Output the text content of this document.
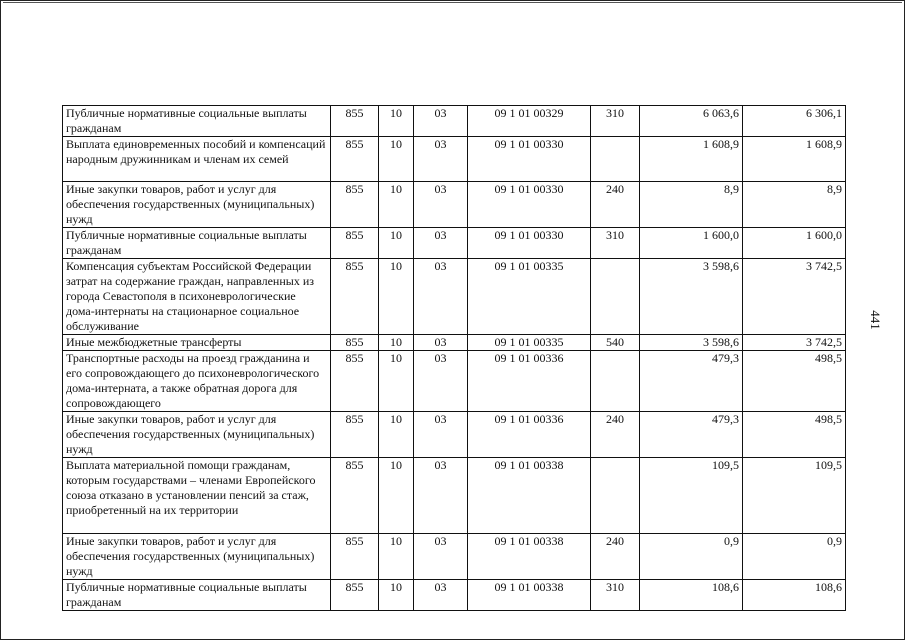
Публичные нормативные социальные выплаты гражданам	855	10	03	09 1 01 00329	310	6 063,6	6 306,1
Выплата единовременных пособий и компенсаций народным дружинникам и членам их семей	855	10	03	09 1 01 00330		1 608,9	1 608,9
Иные закупки товаров, работ и услуг для обеспечения государственных (муниципальных) нужд	855	10	03	09 1 01 00330	240	8,9	8,9
Публичные нормативные социальные выплаты гражданам	855	10	03	09 1 01 00330	310	1 600,0	1 600,0
Компенсация субъектам Российской Федерации затрат на содержание граждан, направленных из города Севастополя в психоневрологические дома-интернаты на стационарное социальное обслуживание	855	10	03	09 1 01 00335		3 598,6	3 742,5
Иные межбюджетные трансферты	855	10	03	09 1 01 00335	540	3 598,6	3 742,5
Транспортные расходы на проезд гражданина и его сопровождающего до психоневрологического дома-интерната, а также обратная дорога для сопровождающего	855	10	03	09 1 01 00336		479,3	498,5
Иные закупки товаров, работ и услуг для обеспечения государственных (муниципальных) нужд	855	10	03	09 1 01 00336	240	479,3	498,5
Выплата материальной помощи гражданам, которым государствами – членами Европейского союза отказано в установлении пенсий за стаж, приобретенный на их территории	855	10	03	09 1 01 00338		109,5	109,5
Иные закупки товаров, работ и услуг для обеспечения государственных (муниципальных) нужд	855	10	03	09 1 01 00338	240	0,9	0,9
Публичные нормативные социальные выплаты гражданам	855	10	03	09 1 01 00338	310	108,6	108,6
441
